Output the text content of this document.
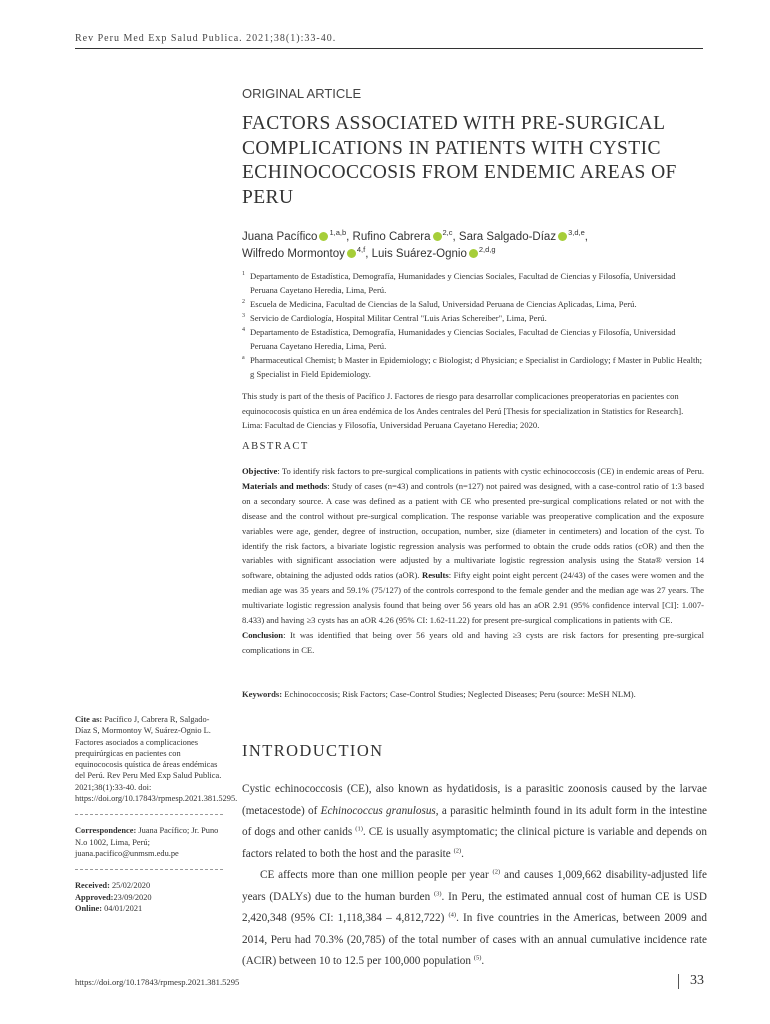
Rev Peru Med Exp Salud Publica. 2021;38(1):33-40.
ORIGINAL ARTICLE
FACTORS ASSOCIATED WITH PRE-SURGICAL COMPLICATIONS IN PATIENTS WITH CYSTIC ECHINOCOCCOSIS FROM ENDEMIC AREAS OF PERU
Juana Pacífico $^{1,a,b}$, Rufino Cabrera $^{2,c}$, Sara Salgado-Díaz $^{3,d,e}$,
Wilfredo Mormontoy $^{4,f}$, Luis Suárez-Ognio $^{2,d,g}$
1 Departamento de Estadística, Demografía, Humanidades y Ciencias Sociales, Facultad de Ciencias y Filosofía, Universidad Peruana Cayetano Heredia, Lima, Perú.
2 Escuela de Medicina, Facultad de Ciencias de la Salud, Universidad Peruana de Ciencias Aplicadas, Lima, Perú.
3 Servicio de Cardiología, Hospital Militar Central "Luis Arias Schereiber", Lima, Perú.
4 Departamento de Estadística, Demografía, Humanidades y Ciencias Sociales, Facultad de Ciencias y Filosofía, Universidad Peruana Cayetano Heredia, Lima, Perú.
a Pharmaceutical Chemist; b Master in Epidemiology; c Biologist; d Physician; e Specialist in Cardiology; f Master in Public Health; g Specialist in Field Epidemiology.

This study is part of the thesis of Pacífico J. Factores de riesgo para desarrollar complicaciones preoperatorias en pacientes con equinococosis quística en un área endémica de los Andes centrales del Perú [Thesis for specialization in Statistics for Research]. Lima: Facultad de Ciencias y Filosofía, Universidad Peruana Cayetano Heredia; 2020.

ABSTRACT
Objective: To identify risk factors to pre-surgical complications in patients with cystic echinococcosis (CE) in endemic areas of Peru. Materials and methods: Study of cases (n=43) and controls (n=127) not paired was designed, with a case-control ratio of 1:3 based on a secondary source. A case was defined as a patient with CE who presented pre-surgical complications related or not with the disease and the control without pre-surgical complication. The response variable was preoperative complication and the exposure variables were age, gender, degree of instruction, occupation, number, size (diameter in centimeters) and location of the cyst. To identify the risk factors, a bivariate logistic regression analysis was performed to obtain the crude odds ratios (cOR) and then the variables with significant association were adjusted by a multivariate logistic regression analysis using the Stata® version 14 software, obtaining the adjusted odds ratios (aOR). Results: Fifty eight point eight percent (24/43) of the cases were women and the median age was 35 years and 59.1% (75/127) of the controls correspond to the female gender and the median age was 27 years. The multivariate logistic regression analysis found that being over 56 years old has an aOR 2.91 (95% confidence interval [CI]: 1.007-8.433) and having ≥3 cysts has an aOR 4.26 (95% CI: 1.62-11.22) for present pre-surgical complications in patients with CE.
Conclusion: It was identified that being over 56 years old and having ≥3 cysts are risk factors for presenting pre-surgical complications in CE.
Keywords: Echinococcosis; Risk Factors; Case-Control Studies; Neglected Diseases; Peru (source: MeSH NLM).
INTRODUCTION

Cystic echinococcosis (CE), also known as hydatidosis, is a parasitic zoonosis caused by the larvae (metacestode) of Echinococcus granulosus, a parasitic helminth found in its adult form in the intestine of dogs and other canids $^{(1)}$. CE is usually asymptomatic; the clinical picture is variable and depends on factors related to both the host and the parasite $^{(2)}$.

CE affects more than one million people per year $^{(2)}$ and causes 1,009,662 disability-adjusted life years (DALYs) due to the human burden $^{(3)}$. In Peru, the estimated annual cost of human CE is USD 2,420,348 (95% CI: 1,118,384 – 4,812,722) $^{(4)}$. In five countries in the Americas, between 2009 and 2014, Peru had 70.3% (20,785) of the total number of cases with an annual cumulative incidence rate (ACIR) between 10 to 12.5 per 100,000 population $^{(5)}$.

Cite as: Pacífico J, Cabrera R, Salgado-Díaz S, Mormontoy W, Suárez-Ognio L. Factores asociados a complicaciones prequirúrgicas en pacientes con equinococosis quística de áreas endémicas del Perú. Rev Peru Med Exp Salud Publica. 2021;38(1):33-40. doi: https://doi.org/10.17843/rpmesp.2021.381.5295.
Correspondence: Juana Pacífico; Jr. Puno N.o 1002, Lima, Perú; juana.pacifico@unmsm.edu.pe
Received: 25/02/2020
Approved:23/09/2020
Online: 04/01/2021
https://doi.org/10.17843/rpmesp.2021.381.5295	33
